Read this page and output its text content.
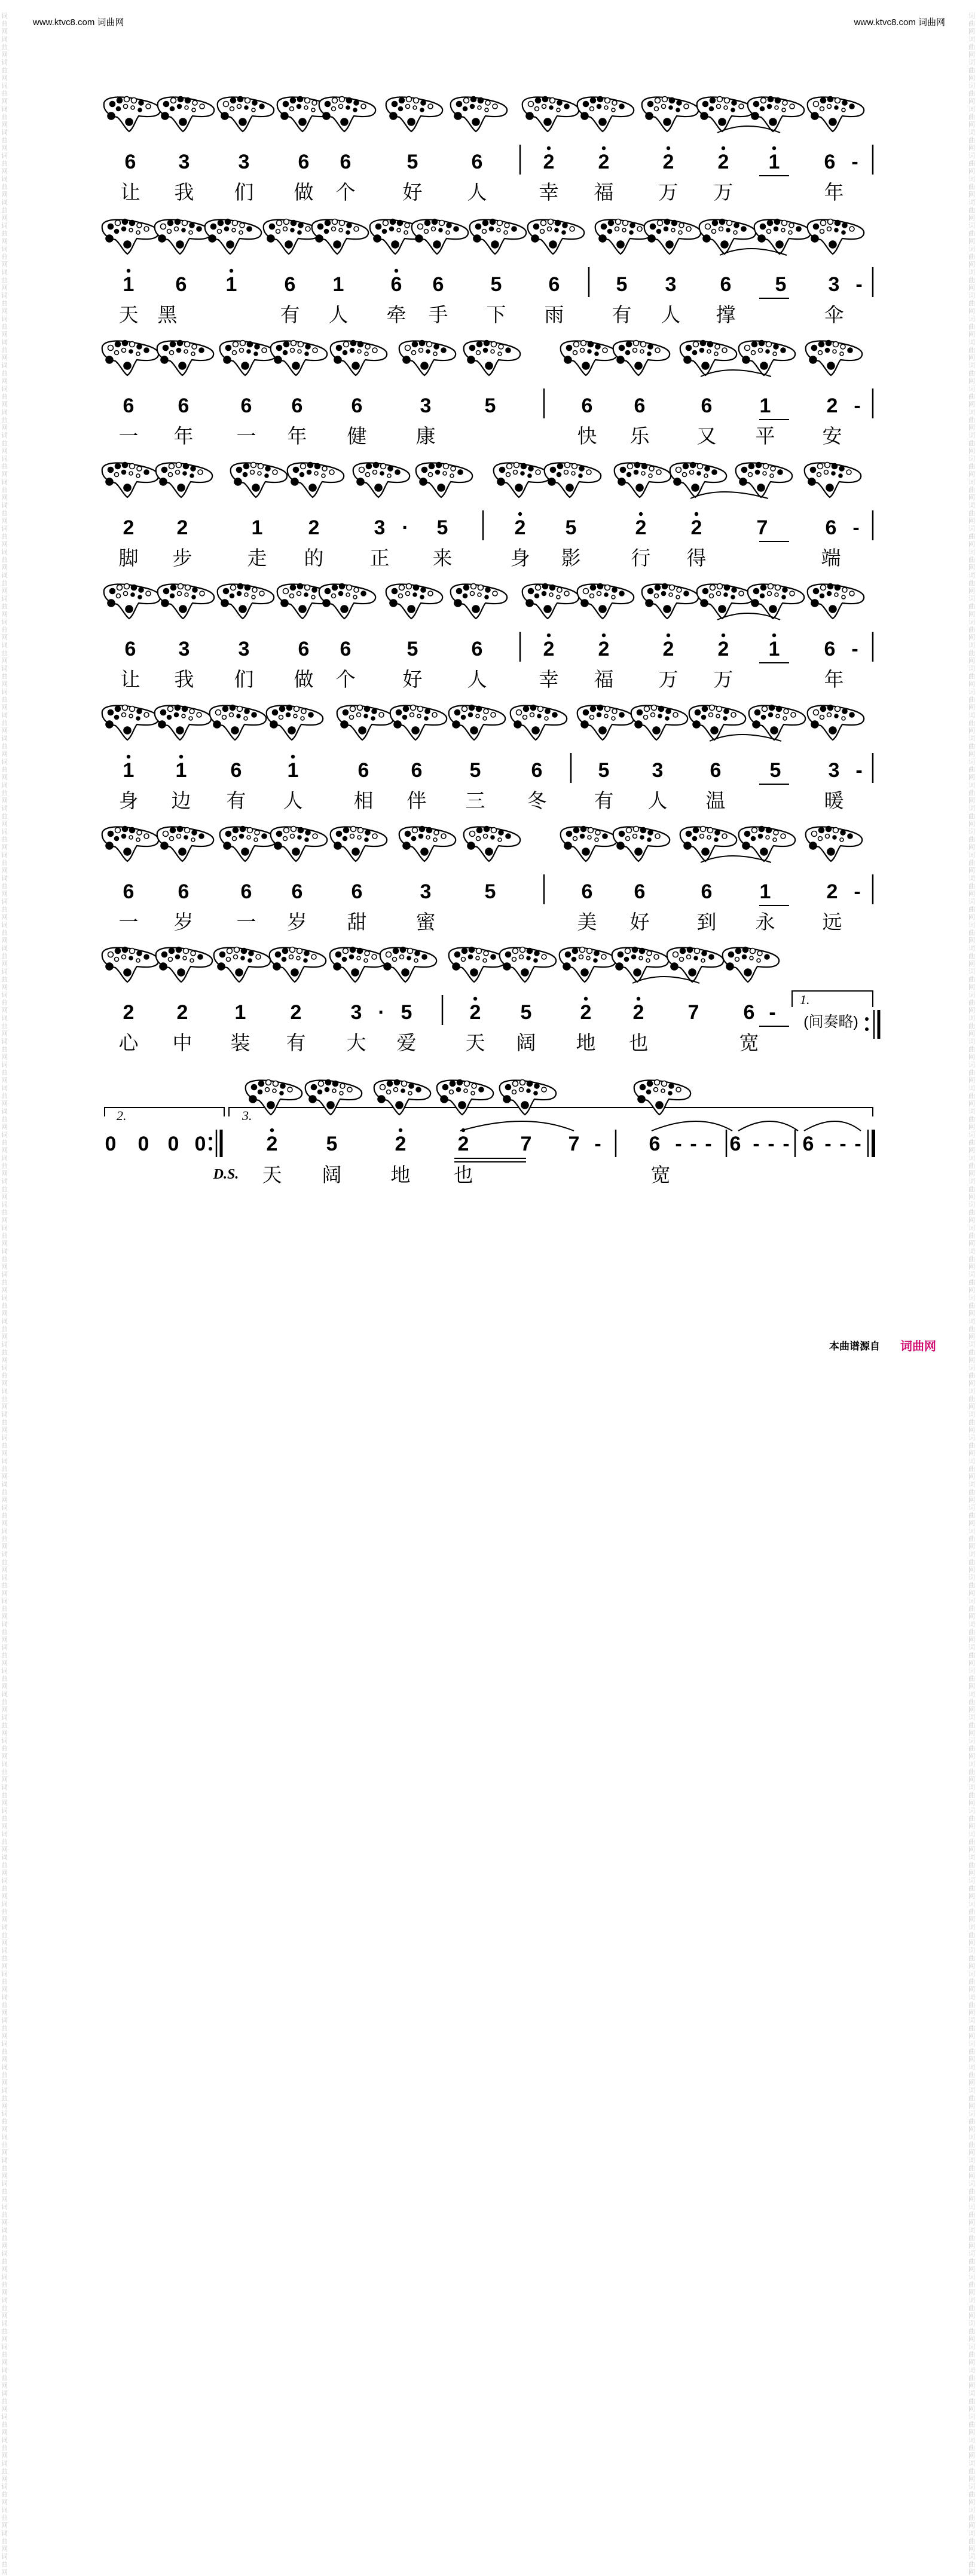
www.ktvc8.com 词曲网	www.ktvc8.com 词曲网
词曲网词曲网词曲网词曲网词曲网词曲网词曲网词曲网词曲网词曲网词曲网词曲网词曲网词曲网词曲网词曲网词曲网词曲网词曲网词曲网词曲网词曲网词曲网词曲网词曲网词曲网词曲网词曲网词曲网词曲网词曲网词曲网词曲网词曲网词曲网词曲网词曲网词曲网词曲网词曲网词曲网词曲网词曲网词曲网词曲网词曲网词曲网词曲网词曲网词曲网词曲网词曲网词曲网词曲网词曲网词曲网词曲网词曲网词曲网词曲网词曲网词曲网词曲网词曲网词曲网词曲网词曲网词曲网词曲网词曲网词曲网词曲网词曲网词曲网词曲网词曲网词曲网词曲网词曲网词曲网词曲网词曲网词曲网词曲网词曲网词曲网词曲网词曲网词曲网词曲网词曲网词曲网词曲网词曲网词曲网词曲网词曲网词曲网词曲网词曲网词曲网词曲网词曲网词曲网词曲网词曲网词曲网词曲网词曲网词曲网
词曲网词曲网词曲网词曲网词曲网词曲网词曲网词曲网词曲网词曲网词曲网词曲网词曲网词曲网词曲网词曲网词曲网词曲网词曲网词曲网词曲网词曲网词曲网词曲网词曲网词曲网词曲网词曲网词曲网词曲网词曲网词曲网词曲网词曲网词曲网词曲网词曲网词曲网词曲网词曲网词曲网词曲网词曲网词曲网词曲网词曲网词曲网词曲网词曲网词曲网词曲网词曲网词曲网词曲网词曲网词曲网词曲网词曲网词曲网词曲网词曲网词曲网词曲网词曲网词曲网词曲网词曲网词曲网词曲网词曲网词曲网词曲网词曲网词曲网词曲网词曲网词曲网词曲网词曲网词曲网词曲网词曲网词曲网词曲网词曲网词曲网词曲网词曲网词曲网词曲网词曲网词曲网词曲网词曲网词曲网词曲网词曲网词曲网词曲网词曲网词曲网词曲网词曲网词曲网词曲网词曲网词曲网词曲网词曲网词曲网
6 3 3 6 6	5	6	2 2	2 2 1 6 -
让 我 们 做 个 好 人	幸 福 万 万	年
1 6 1 6 1 6 6 5 6	5 3 6 5 3 -
天 黑	有 人 牵 手 下 雨 有 人 撑	伞
6 6	6 6 6	3	5	6 6	6 1	2 -
一 年 一 年 健 康	快 乐 又 平 安
2 2	1 2	3 · 5	2 5	2 2	7	6 -
脚 步	走 的 正 来	身 影	行 得	端
6 3 3 6 6	5	6	2 2	2 2 1 6 -
让 我 们 做 个 好 人	幸 福 万 万	年
1 1 6 1	6 6 5 6	5 3 6 5 3 -
身 边 有 人	相 伴 三 冬 有 人 温	暖
6 6	6 6 6	3	5	6 6	6 1	2 -
一 岁 一 岁 甜 蜜	美 好 到 永 远
2 2 1 2 3 · 5	2 5 2 2 7 6 -
心 中 装 有 大 爱 天 阔 地 也	宽
1.
(间奏略)
2.	3.
0 0 0 0	2 5	2	2	7 7 - 6 - - - 6 - - - 6 - - -
D.S. 天 阔 地 也	宽
本曲谱源自 词曲网
